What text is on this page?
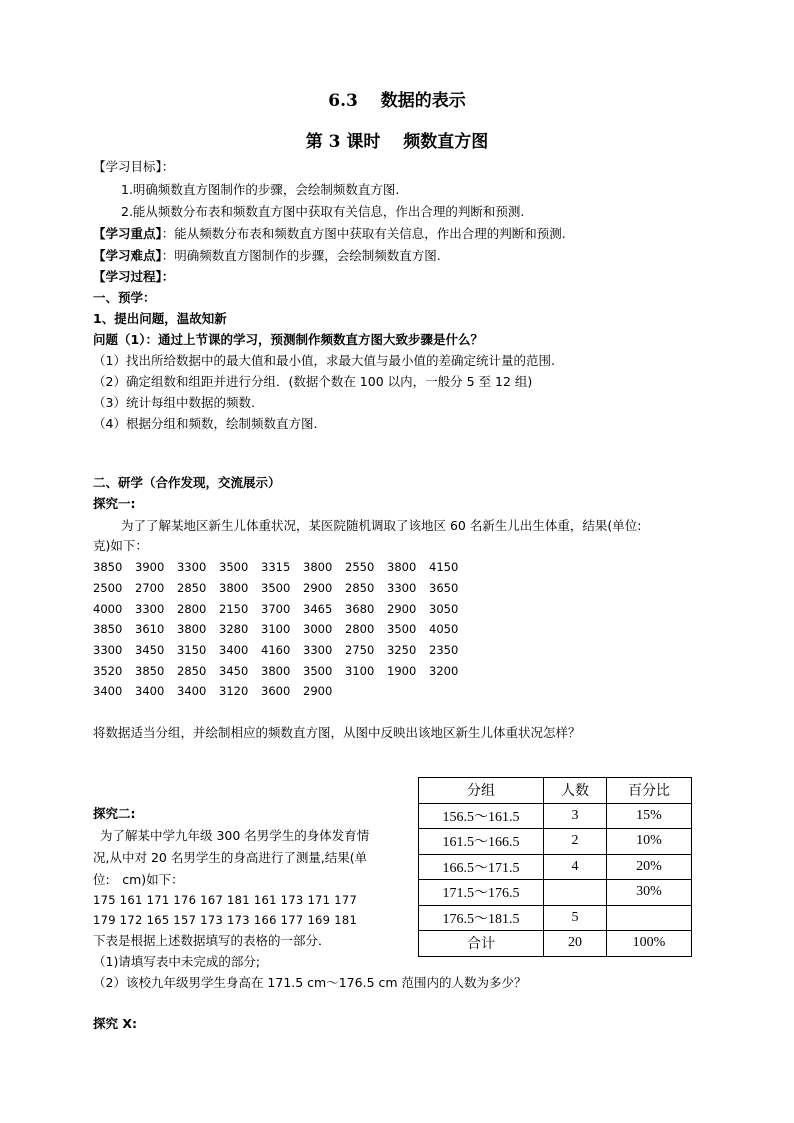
6.3　 数据的表示
第 3 课时　 频数直方图
【学习目标】：
1.明确频数直方图制作的步骤，会绘制频数直方图.
2.能从频数分布表和频数直方图中获取有关信息，作出合理的判断和预测.
【学习重点】：能从频数分布表和频数直方图中获取有关信息，作出合理的判断和预测.
【学习难点】：明确频数直方图制作的步骤，会绘制频数直方图.
【学习过程】：
一、预学：
1、提出问题，温故知新
问题（1）：通过上节课的学习，预测制作频数直方图大致步骤是什么？
（1）找出所给数据中的最大值和最小值，求最大值与最小值的差确定统计量的范围.
（2）确定组数和组距并进行分组．(数据个数在 100 以内，一般分 5 至 12 组)
（3）统计每组中数据的频数.
（4）根据分组和频数，绘制频数直方图.
二、研学（合作发现，交流展示）
探究一:
为了了解某地区新生儿体重状况，某医院随机调取了该地区 60 名新生儿出生体重，结果(单位:
克)如下：
3850	3900	3300	3500	3315	3800	2550	3800	4150
2500	2700	2850	3800	3500	2900	2850	3300	3650
4000	3300	2800	2150	3700	3465	3680	2900	3050
3850	3610	3800	3280	3100	3000	2800	3500	4050
3300	3450	3150	3400	4160	3300	2750	3250	2350
3520	3850	2850	3450	3800	3500	3100	1900	3200
3400	3400	3400	3120	3600	2900			
将数据适当分组，并绘制相应的频数直方图，从图中反映出该地区新生儿体重状况怎样？
探究二:
为了解某中学九年级 300 名男学生的身体发育情
况,从中对 20 名男学生的身高进行了测量,结果(单
位:　cm)如下：
175 161 171 176 167 181 161 173 171 177
179 172 165 157 173 173 166 177 169 181
下表是根据上述数据填写的表格的一部分．
（1)请填写表中未完成的部分;
（2）该校九年级男学生身高在 171.5 cm～176.5 cm 范围内的人数为多少？
分组	人数	百分比
156.5～161.5	3	15%
161.5～166.5	2	10%
166.5～171.5	4	20%
171.5～176.5		30%
176.5～181.5	5	
合计	20	100%
探究 X:
